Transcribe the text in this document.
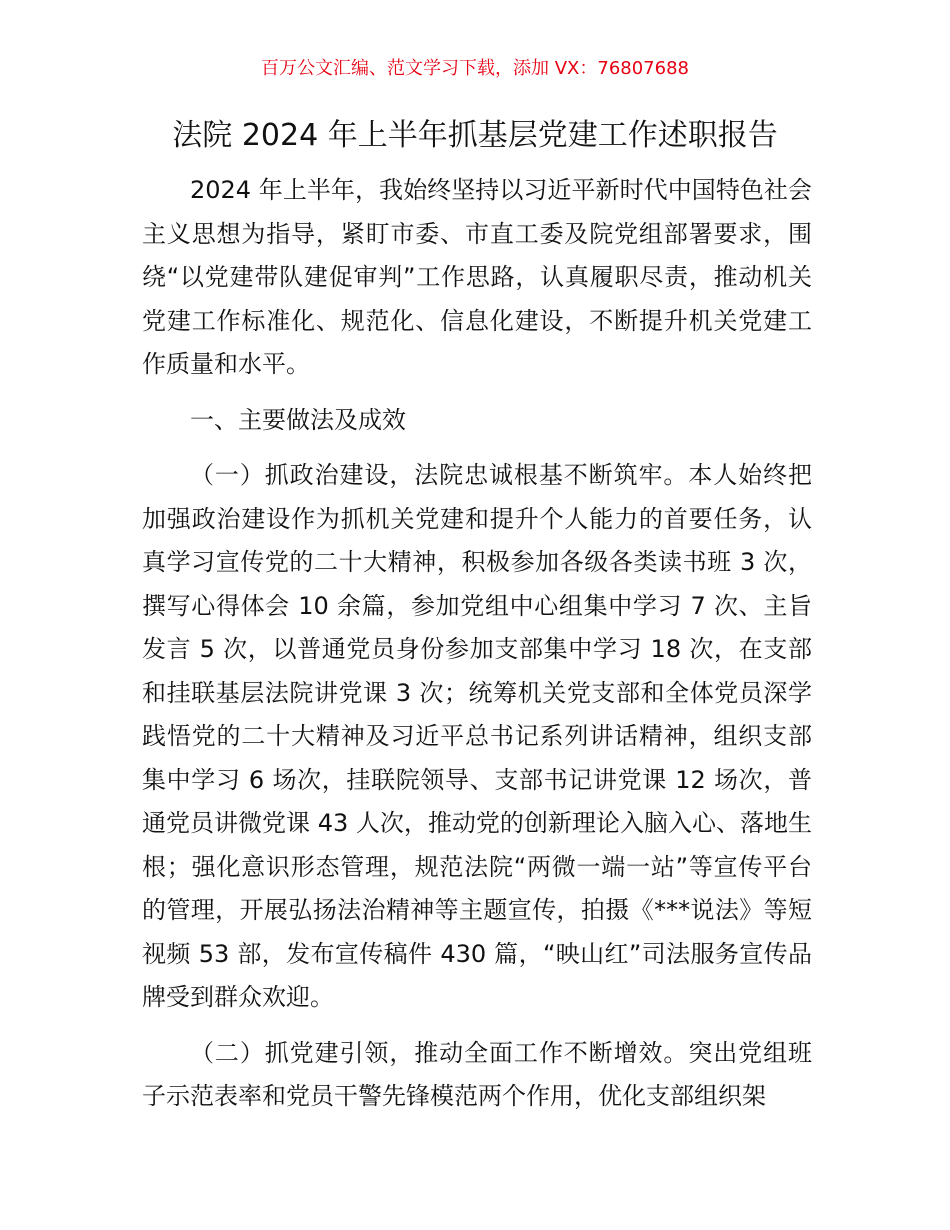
百万公文汇编、范文学习下载，添加 VX：76807688
法院 2024 年上半年抓基层党建工作述职报告

2024 年上半年，我始终坚持以习近平新时代中国特色社会主义思想为指导，紧盯市委、市直工委及院党组部署要求，围绕“以党建带队建促审判”工作思路，认真履职尽责，推动机关党建工作标准化、规范化、信息化建设，不断提升机关党建工作质量和水平。

一、主要做法及成效

（一）抓政治建设，法院忠诚根基不断筑牢。本人始终把加强政治建设作为抓机关党建和提升个人能力的首要任务，认真学习宣传党的二十大精神，积极参加各级各类读书班 3 次，撰写心得体会 10 余篇，参加党组中心组集中学习 7 次、主旨发言 5 次，以普通党员身份参加支部集中学习 18 次，在支部和挂联基层法院讲党课 3 次；统筹机关党支部和全体党员深学践悟党的二十大精神及习近平总书记系列讲话精神，组织支部集中学习 6 场次，挂联院领导、支部书记讲党课 12 场次，普通党员讲微党课 43 人次，推动党的创新理论入脑入心、落地生根；强化意识形态管理，规范法院“两微一端一站”等宣传平台的管理，开展弘扬法治精神等主题宣传，拍摄《***说法》等短视频 53 部，发布宣传稿件 430 篇，“映山红”司法服务宣传品牌受到群众欢迎。

（二）抓党建引领，推动全面工作不断增效。突出党组班子示范表率和党员干警先锋模范两个作用，优化支部组织架
